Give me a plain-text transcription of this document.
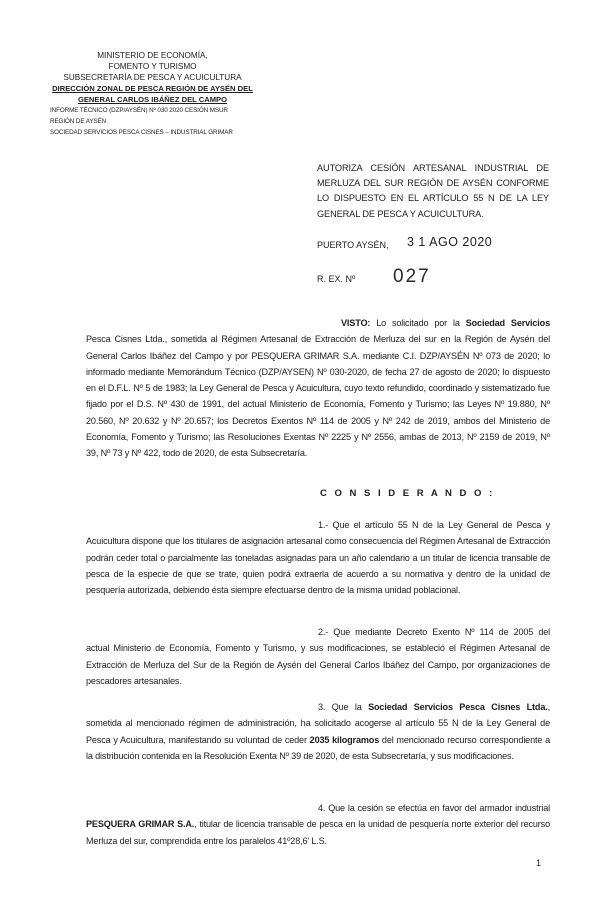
MINISTERIO DE ECONOMÍA,
FOMENTO Y TURISMO
SUBSECRETARÍA DE PESCA Y ACUICULTURA
DIRECCIÓN ZONAL DE PESCA REGIÓN DE AYSÉN DEL
GENERAL CARLOS IBÁÑEZ DEL CAMPO
INFORME TÉCNICO (DZP/AYSÉN) Nº 030 2020 CESIÓN MSUR
REGIÓN DE AYSÉN
SOCIEDAD SERVICIOS PESCA CISNES – INDUSTRIAL GRIMAR
AUTORIZA CESIÓN ARTESANAL INDUSTRIAL DE MERLUZA DEL SUR REGIÓN DE AYSÉN CONFORME LO DISPUESTO EN EL ARTÍCULO 55 N DE LA LEY GENERAL DE PESCA Y ACUICULTURA.
PUERTO AYSÉN, 3 1 AGO 2020
R. EX. Nº 027
VISTO: Lo solicitado por la Sociedad Servicios Pesca Cisnes Ltda., sometida al Régimen Artesanal de Extracción de Merluza del sur en la Región de Aysén del General Carlos Ibáñez del Campo y por PESQUERA GRIMAR S.A. mediante C.I. DZP/AYSÉN Nº 073 de 2020; lo informado mediante Memorándum Técnico (DZP/AYSEN) Nº 030-2020, de fecha 27 de agosto de 2020; lo dispuesto en el D.F.L. Nº 5 de 1983; la Ley General de Pesca y Acuicultura, cuyo texto refundido, coordinado y sistematizado fue fijado por el D.S. Nº 430 de 1991, del actual Ministerio de Economía, Fomento y Turismo; las Leyes Nº 19.880, Nº 20.560, Nº 20.632 y Nº 20.657; los Decretos Exentos Nº 114 de 2005 y Nº 242 de 2019, ambos del Ministerio de Economía, Fomento y Turismo; las Resoluciones Exentas Nº 2225 y Nº 2556, ambas de 2013, Nº 2159 de 2019, Nº 39, Nº 73 y Nº 422, todo de 2020, de esta Subsecretaría.
C O N S I D E R A N D O :
1.- Que el artículo 55 N de la Ley General de Pesca y Acuicultura dispone que los titulares de asignación artesanal como consecuencia del Régimen Artesanal de Extracción podrán ceder total o parcialmente las toneladas asignadas para un año calendario a un titular de licencia transable de pesca de la especie de que se trate, quien podrá extraerla de acuerdo a su normativa y dentro de la unidad de pesquería autorizada, debiendo ésta siempre efectuarse dentro de la misma unidad poblacional.
2.- Que mediante Decreto Exento Nº 114 de 2005 del actual Ministerio de Economía, Fomento y Turismo, y sus modificaciones, se estableció el Régimen Artesanal de Extracción de Merluza del Sur de la Región de Aysén del General Carlos Ibáñez del Campo, por organizaciones de pescadores artesanales.
3. Que la Sociedad Servicios Pesca Cisnes Ltda., sometida al mencionado régimen de administración, ha solicitado acogerse al artículo 55 N de la Ley General de Pesca y Acuicultura, manifestando su voluntad de ceder 2035 kilogramos del mencionado recurso correspondiente a la distribución contenida en la Resolución Exenta Nº 39 de 2020, de esta Subsecretaría, y sus modificaciones.
4. Que la cesión se efectúa en favor del armador industrial PESQUERA GRIMAR S.A., titular de licencia transable de pesca en la unidad de pesquería norte exterior del recurso Merluza del sur, comprendida entre los paralelos 41º28,6' L.S.
1
